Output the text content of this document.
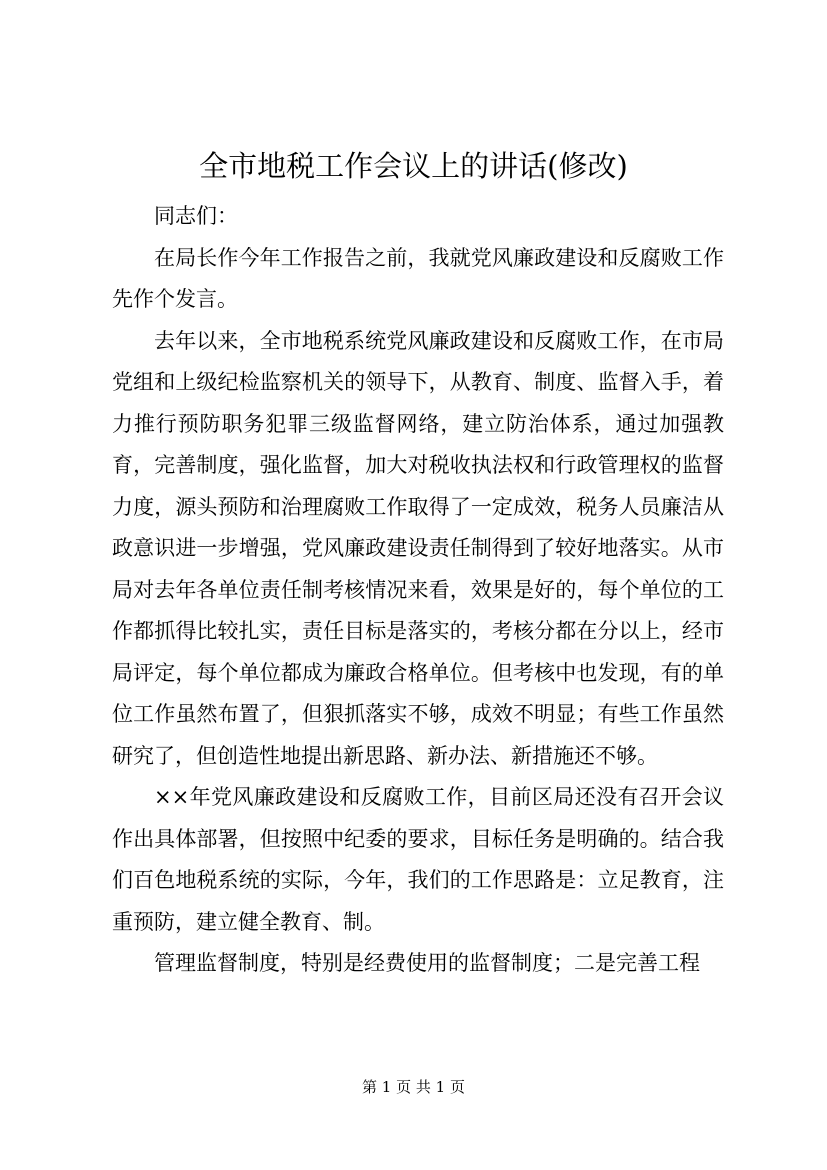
全市地税工作会议上的讲话(修改)

同志们：

在局长作今年工作报告之前，我就党风廉政建设和反腐败工作先作个发言。

去年以来，全市地税系统党风廉政建设和反腐败工作，在市局党组和上级纪检监察机关的领导下，从教育、制度、监督入手，着力推行预防职务犯罪三级监督网络，建立防治体系，通过加强教育，完善制度，强化监督，加大对税收执法权和行政管理权的监督力度，源头预防和治理腐败工作取得了一定成效，税务人员廉洁从政意识进一步增强，党风廉政建设责任制得到了较好地落实。从市局对去年各单位责任制考核情况来看，效果是好的，每个单位的工作都抓得比较扎实，责任目标是落实的，考核分都在分以上，经市局评定，每个单位都成为廉政合格单位。但考核中也发现，有的单位工作虽然布置了，但狠抓落实不够，成效不明显；有些工作虽然研究了，但创造性地提出新思路、新办法、新措施还不够。

××年党风廉政建设和反腐败工作，目前区局还没有召开会议作出具体部署，但按照中纪委的要求，目标任务是明确的。结合我们百色地税系统的实际，今年，我们的工作思路是：立足教育，注重预防，建立健全教育、制。

管理监督制度，特别是经费使用的监督制度；二是完善工程

第 1 页 共 1 页
